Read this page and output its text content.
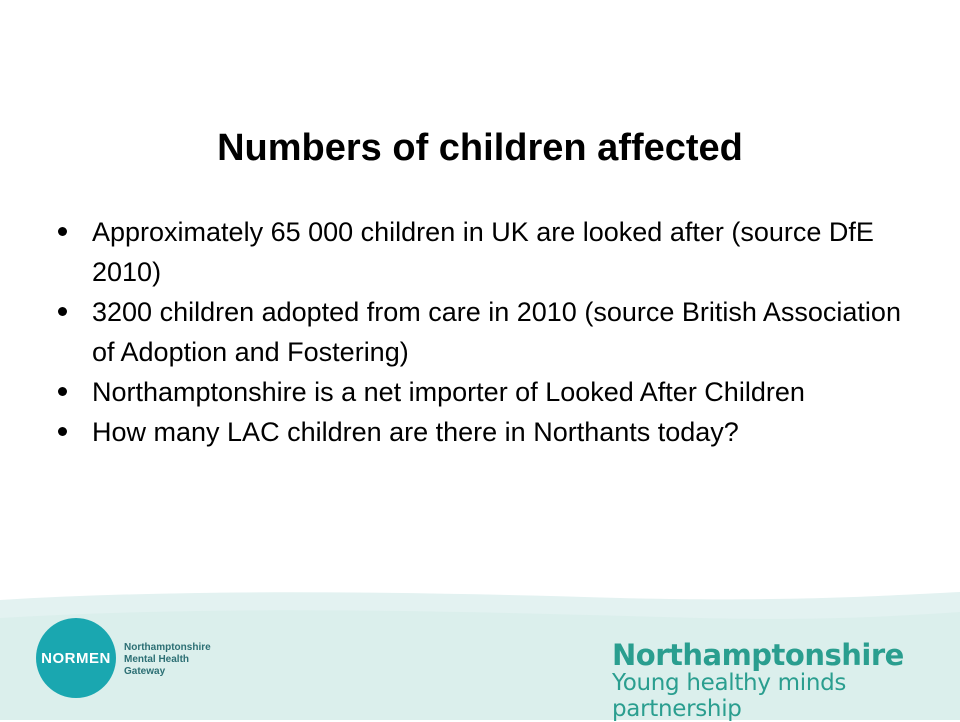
Numbers of children affected
Approximately 65 000 children in UK are looked after (source DfE 2010)
3200 children adopted from care in 2010 (source British Association of Adoption and Fostering)
Northamptonshire is a net importer of Looked After Children
How many LAC children are there in Northants today?
NORMEN
Northamptonshire
Mental Health
Gateway	Northamptonshire
Young healthy minds partnership
